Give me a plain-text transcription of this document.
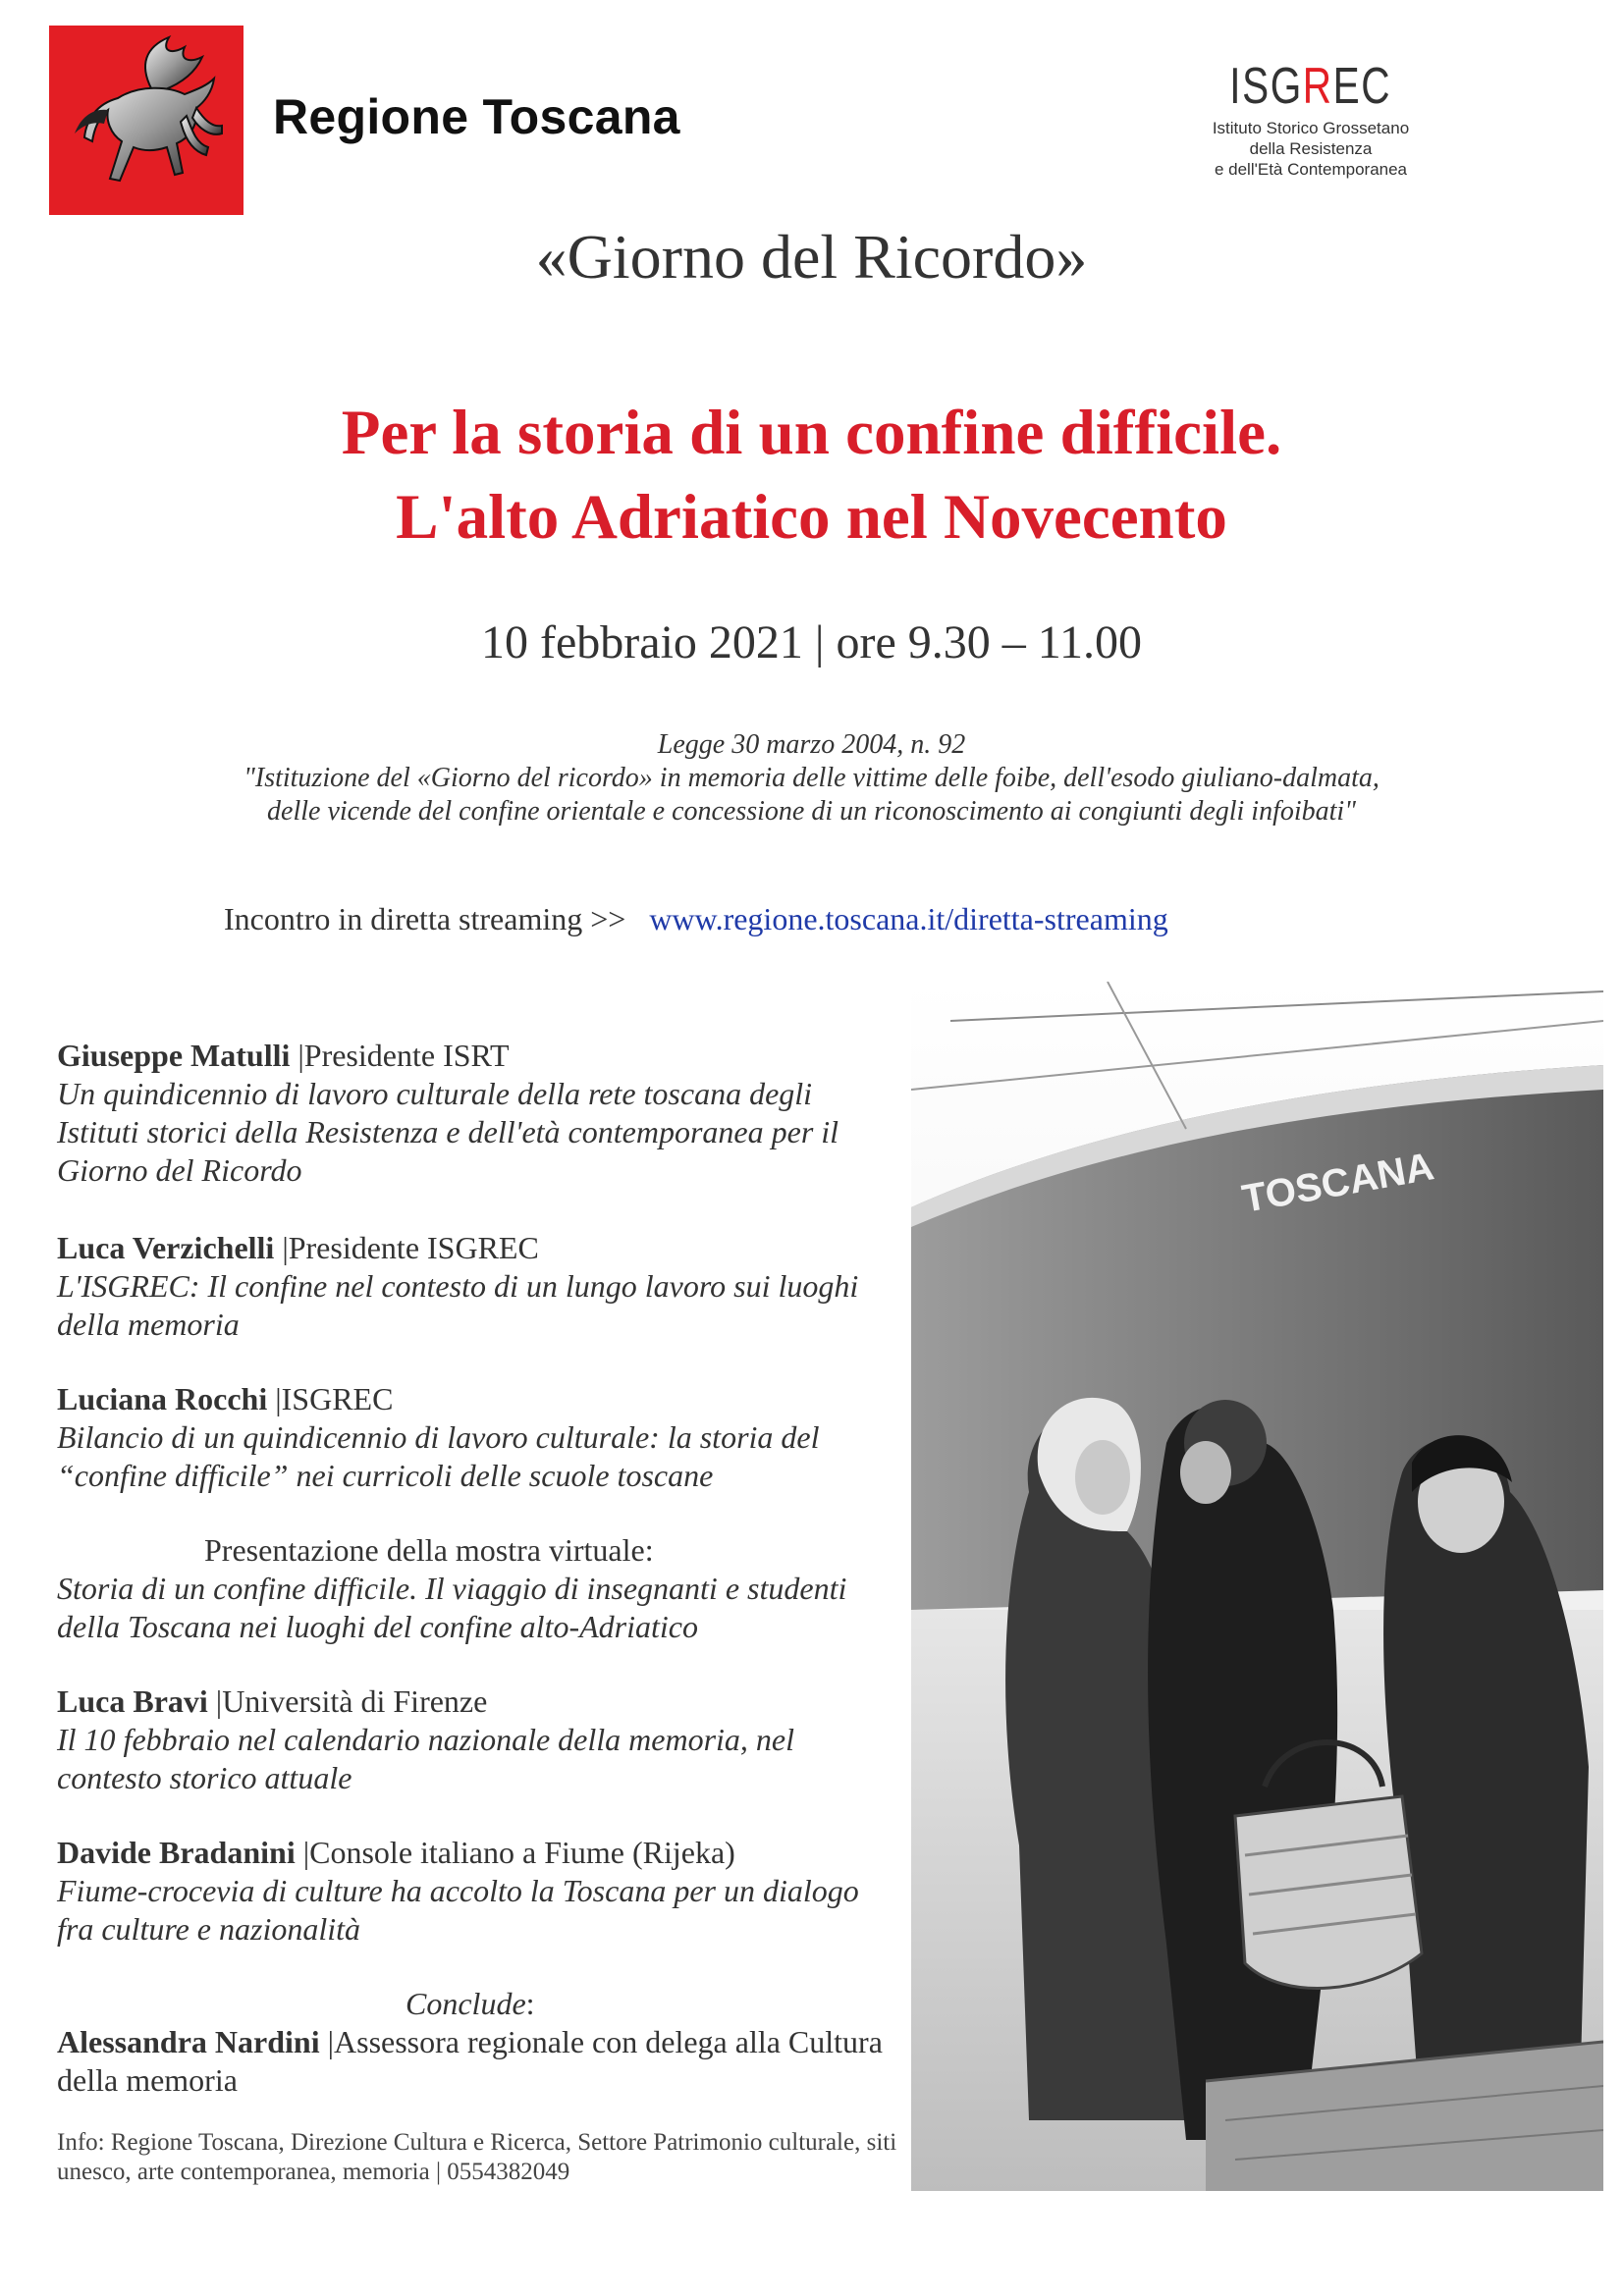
Regione Toscana
ISGREC
Istituto Storico Grossetano
della Resistenza
e dell'Età Contemporanea
«Giorno del Ricordo»
Per la storia di un confine difficile.
L'alto Adriatico nel Novecento
10 febbraio 2021 | ore 9.30 – 11.00
Legge 30 marzo 2004, n. 92
"Istituzione del «Giorno del ricordo» in memoria delle vittime delle foibe, dell'esodo giuliano-dalmata,
delle vicende del confine orientale e concessione di un riconoscimento ai congiunti degli infoibati"
Incontro in diretta streaming >> www.regione.toscana.it/diretta-streaming
TOSCANA
Giuseppe Matulli |Presidente ISRT
Un quindicennio di lavoro culturale della rete toscana degli Istituti storici della Resistenza e dell'età contemporanea per il Giorno del Ricordo
Luca Verzichelli |Presidente ISGREC
L'ISGREC: Il confine nel contesto di un lungo lavoro sui luoghi della memoria
Luciana Rocchi |ISGREC
Bilancio di un quindicennio di lavoro culturale: la storia del “confine difficile” nei curricoli delle scuole toscane
Presentazione della mostra virtuale:
Storia di un confine difficile. Il viaggio di insegnanti e studenti della Toscana nei luoghi del confine alto-Adriatico
Luca Bravi |Università di Firenze
Il 10 febbraio nel calendario nazionale della memoria, nel contesto storico attuale
Davide Bradanini |Console italiano a Fiume (Rijeka)
Fiume-crocevia di culture ha accolto la Toscana per un dialogo fra culture e nazionalità
Conclude:
Alessandra Nardini |Assessora regionale con delega alla Cultura della memoria
Info: Regione Toscana, Direzione Cultura e Ricerca, Settore Patrimonio culturale, siti unesco, arte contemporanea, memoria | 0554382049
